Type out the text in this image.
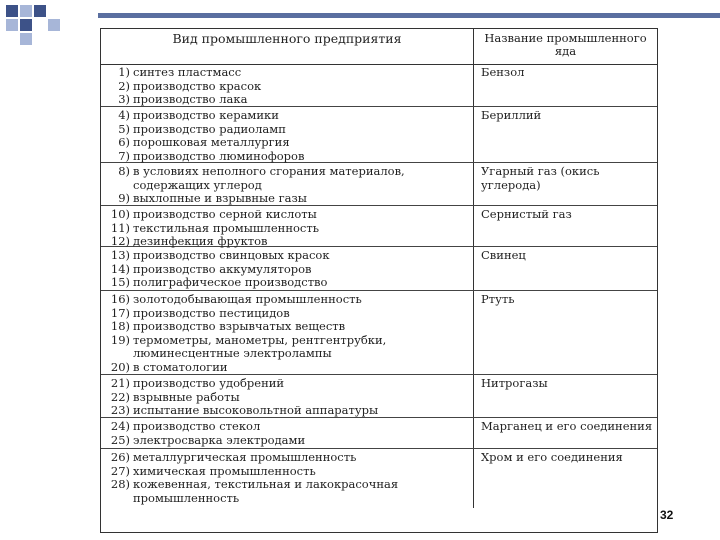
Вид промышленного предприятия	Название промышленного яда
1) синтез пластмасс
2) производство красок
3) производство лака
Бензол
4) производство керамики
5) производство радиоламп
6) порошковая металлургия
7) производство люминофоров
Бериллий
8) в условиях неполного сгорания материалов,
содержащих углерод
9) выхлопные и взрывные газы
Угарный газ (окись углерода)
10) производство серной кислоты
11) текстильная промышленность
12) дезинфекция фруктов
Сернистый газ
13) производство свинцовых красок
14) производство аккумуляторов
15) полиграфическое производство
Свинец
16) золотодобывающая промышленность
17) производство пестицидов
18) производство взрывчатых веществ
19) термометры, манометры, рентгентрубки,
люминесцентные электролампы
20) в стоматологии
Ртуть
21) производство удобрений
22) взрывные работы
23) испытание высоковольтной аппаратуры
Нитрогазы
24) производство стекол
25) электросварка электродами
Марганец и его соединения
26) металлургическая промышленность
27) химическая промышленность
28) кожевенная, текстильная и лакокрасочная
промышленность
Хром и его соединения
32
